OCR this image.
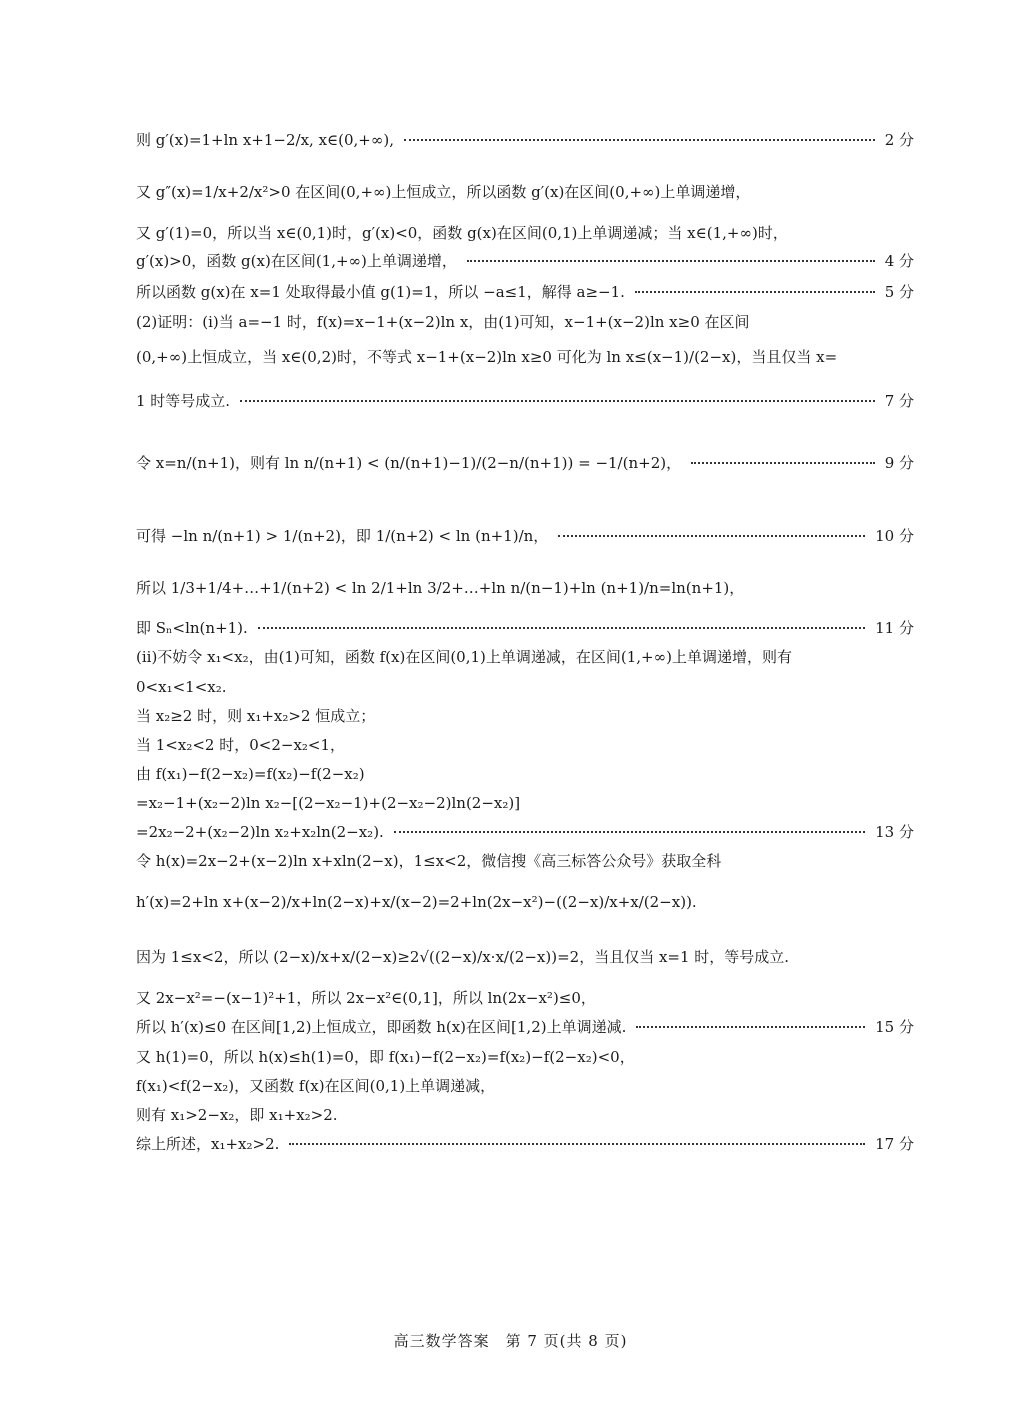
则 g′(x)=1+ln x+1−2/x, x∈(0,+∞),	2 分
又 g″(x)=1/x+2/x²>0 在区间(0,+∞)上恒成立，所以函数 g′(x)在区间(0,+∞)上单调递增，
又 g′(1)=0，所以当 x∈(0,1)时，g′(x)<0，函数 g(x)在区间(0,1)上单调递减；当 x∈(1,+∞)时，
g′(x)>0，函数 g(x)在区间(1,+∞)上单调递增，	4 分
所以函数 g(x)在 x=1 处取得最小值 g(1)=1，所以 −a≤1，解得 a≥−1.	5 分
(2)证明：(i)当 a=−1 时，f(x)=x−1+(x−2)ln x，由(1)可知，x−1+(x−2)ln x≥0 在区间
(0,+∞)上恒成立，当 x∈(0,2)时，不等式 x−1+(x−2)ln x≥0 可化为 ln x≤(x−1)/(2−x)，当且仅当 x=
1 时等号成立.	7 分
令 x=n/(n+1)，则有 ln n/(n+1) < (n/(n+1)−1)/(2−n/(n+1)) = −1/(n+2)，	9 分
可得 −ln n/(n+1) > 1/(n+2)，即 1/(n+2) < ln (n+1)/n，	10 分
所以 1/3+1/4+…+1/(n+2) < ln 2/1+ln 3/2+…+ln n/(n−1)+ln (n+1)/n=ln(n+1)，
即 Sₙ<ln(n+1).	11 分
(ii)不妨令 x₁<x₂，由(1)可知，函数 f(x)在区间(0,1)上单调递减，在区间(1,+∞)上单调递增，则有
0<x₁<1<x₂.
当 x₂≥2 时，则 x₁+x₂>2 恒成立；
当 1<x₂<2 时，0<2−x₂<1，
由 f(x₁)−f(2−x₂)=f(x₂)−f(2−x₂)
=x₂−1+(x₂−2)ln x₂−[(2−x₂−1)+(2−x₂−2)ln(2−x₂)]
=2x₂−2+(x₂−2)ln x₂+x₂ln(2−x₂).	13 分
令 h(x)=2x−2+(x−2)ln x+xln(2−x)，1≤x<2，微信搜《高三标答公众号》获取全科
h′(x)=2+ln x+(x−2)/x+ln(2−x)+x/(x−2)=2+ln(2x−x²)−((2−x)/x+x/(2−x)).
因为 1≤x<2，所以 (2−x)/x+x/(2−x)≥2√((2−x)/x·x/(2−x))=2，当且仅当 x=1 时，等号成立.
又 2x−x²=−(x−1)²+1，所以 2x−x²∈(0,1]，所以 ln(2x−x²)≤0，
所以 h′(x)≤0 在区间[1,2)上恒成立，即函数 h(x)在区间[1,2)上单调递减.	15 分
又 h(1)=0，所以 h(x)≤h(1)=0，即 f(x₁)−f(2−x₂)=f(x₂)−f(2−x₂)<0，
f(x₁)<f(2−x₂)，又函数 f(x)在区间(0,1)上单调递减，
则有 x₁>2−x₂，即 x₁+x₂>2.
综上所述，x₁+x₂>2.	17 分
高三数学答案　第 7 页(共 8 页)
